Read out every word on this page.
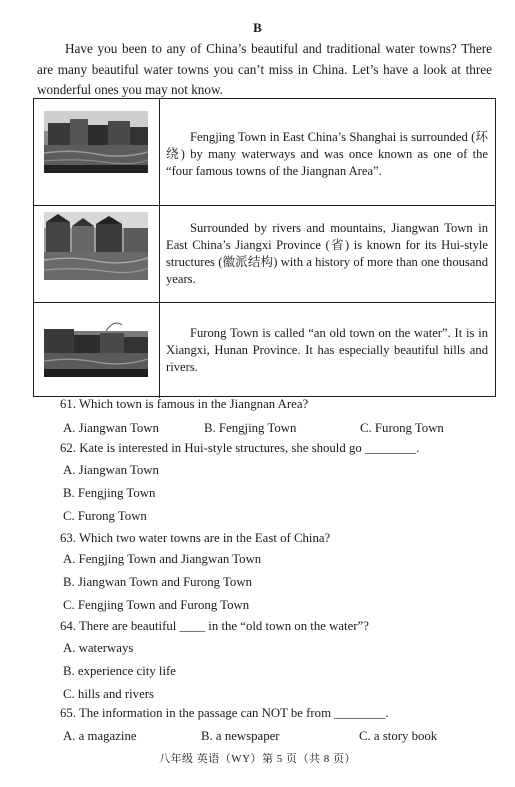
B
Have you been to any of China’s beautiful and traditional water towns? There are many beautiful water towns you can’t miss in China. Let’s have a look at three wonderful ones you may not know.
Fengjing Town in East China’s Shanghai is surrounded (环绕) by many waterways and was once known as one of the “four famous towns of the Jiangnan Area”.
Surrounded by rivers and mountains, Jiangwan Town in East China’s Jiangxi Province (省) is known for its Hui-style structures (徽派结构) with a history of more than one thousand years.
Furong Town is called “an old town on the water”. It is in Xiangxi, Hunan Province. It has especially beautiful hills and rivers.
61. Which town is famous in the Jiangnan Area?
A. Jiangwan Town	B. Fengjing Town	C. Furong Town
62. Kate is interested in Hui-style structures, she should go ________.
A. Jiangwan Town
B. Fengjing Town
C. Furong Town
63. Which two water towns are in the East of China?
A. Fengjing Town and Jiangwan Town
B. Jiangwan Town and Furong Town
C. Fengjing Town and Furong Town
64. There are beautiful ____ in the “old town on the water”?
A. waterways
B. experience city life
C. hills and rivers
65. The information in the passage can NOT be from ________.
A. a magazine	B. a newspaper	C. a story book
八年级 英语（WY）第 5 页（共 8 页）
